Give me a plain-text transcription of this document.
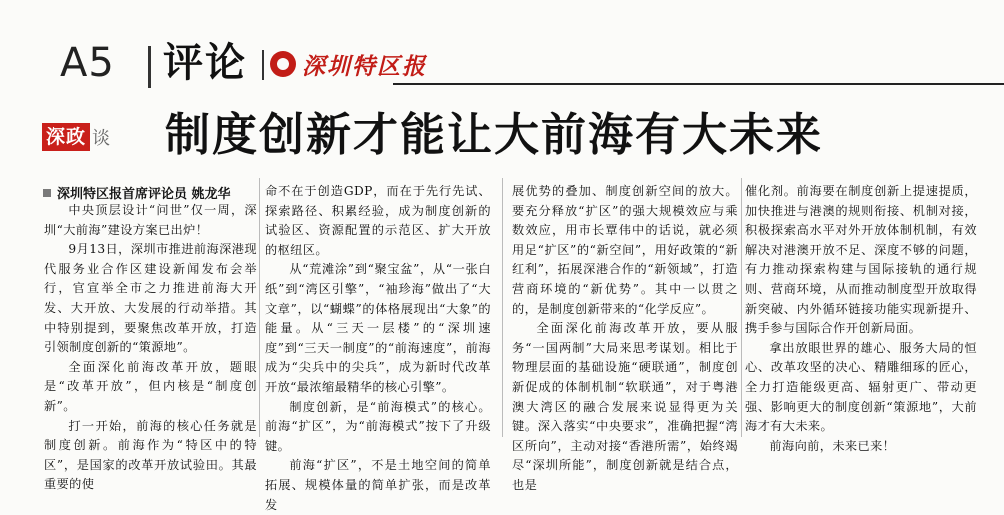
A5 评论 深圳特区报
深政 谈 制度创新才能让大前海有大未来
深圳特区报首席评论员 姚龙华

中央顶层设计“问世”仅一周，深圳“大前海”建设方案已出炉！

9月13日，深圳市推进前海深港现代服务业合作区建设新闻发布会举行，官宣举全市之力推进前海大开发、大开放、大发展的行动举措。其中特别提到，要聚焦改革开放，打造引领制度创新的“策源地”。

全面深化前海改革开放，题眼是“改革开放”，但内核是“制度创新”。

打一开始，前海的核心任务就是制度创新。前海作为“特区中的特区”，是国家的改革开放试验田。其最重要的使

命不在于创造GDP，而在于先行先试、探索路径、积累经验，成为制度创新的试验区、资源配置的示范区、扩大开放的枢纽区。

从“荒滩涂”到“聚宝盆”，从“一张白纸”到“湾区引擎”，“袖珍海”做出了“大文章”，以“蝴蝶”的体格展现出“大象”的能量。从“三天一层楼”的“深圳速度”到“三天一制度”的“前海速度”，前海成为“尖兵中的尖兵”，成为新时代改革开放“最浓缩最精华的核心引擎”。

制度创新，是“前海模式”的核心。前海“扩区”，为“前海模式”按下了升级键。

前海“扩区”，不是土地空间的简单拓展、规模体量的简单扩张，而是改革发

展优势的叠加、制度创新空间的放大。要充分释放“扩区”的强大规模效应与乘数效应，用市长覃伟中的话说，就必须用足“扩区”的“新空间”，用好政策的“新红利”，拓展深港合作的“新领域”，打造营商环境的“新优势”。其中一以贯之的，是制度创新带来的“化学反应”。

全面深化前海改革开放，要从服务“一国两制”大局来思考谋划。相比于物理层面的基础设施“硬联通”，制度创新促成的体制机制“软联通”，对于粤港澳大湾区的融合发展来说显得更为关键。深入落实“中央要求”，准确把握“湾区所向”，主动对接“香港所需”，始终竭尽“深圳所能”，制度创新就是结合点，也是

催化剂。前海要在制度创新上提速提质，加快推进与港澳的规则衔接、机制对接，积极探索高水平对外开放体制机制，有效解决对港澳开放不足、深度不够的问题，有力推动探索构建与国际接轨的通行规则、营商环境，从而推动制度型开放取得新突破、内外循环链接功能实现新提升、携手参与国际合作开创新局面。

拿出放眼世界的雄心、服务大局的恒心、改革攻坚的决心、精雕细琢的匠心，全力打造能级更高、辐射更广、带动更强、影响更大的制度创新“策源地”，大前海才有大未来。

前海向前，未来已来！
